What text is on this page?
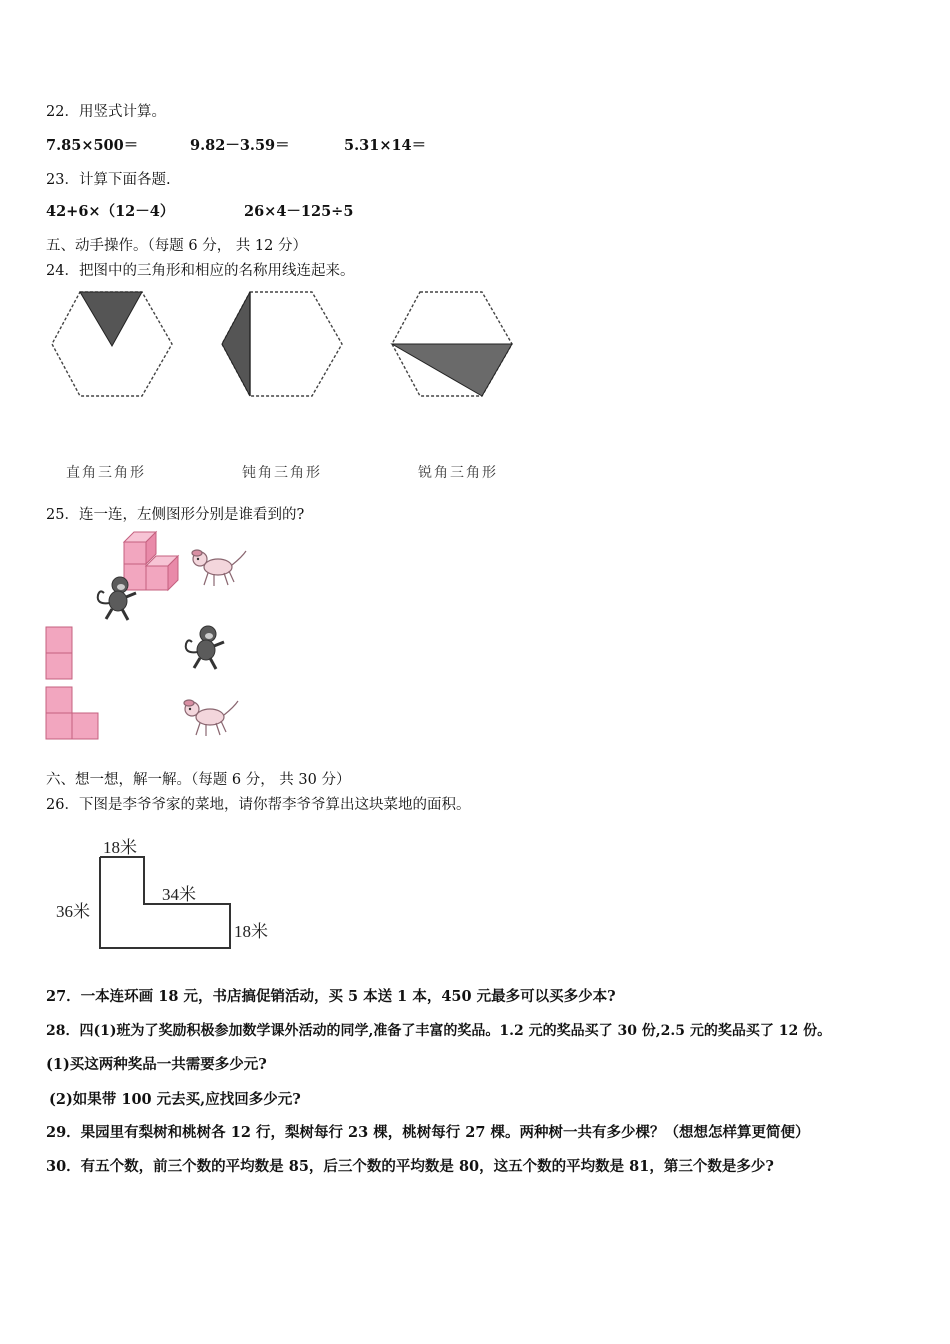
22．用竖式计算。
7.85×500＝	9.82－3.59＝	5.31×14＝
23．计算下面各题.
42+6×（12－4）	26×4－125÷5
五、动手操作。（每题 6 分， 共 12 分）
24．把图中的三角形和相应的名称用线连起来。
直角三角形	钝角三角形	锐角三角形
25．连一连，左侧图形分别是谁看到的?
六、想一想，解一解。（每题 6 分， 共 30 分）
26．下图是李爷爷家的菜地，请你帮李爷爷算出这块菜地的面积。
18米
36米
34米
18米
27．一本连环画 18 元，书店搞促销活动，买 5 本送 1 本，450 元最多可以买多少本?
28．四(1)班为了奖励积极参加数学课外活动的同学,准备了丰富的奖品。1.2 元的奖品买了 30 份,2.5 元的奖品买了 12 份。
(1)买这两种奖品一共需要多少元?
(2)如果带 100 元去买,应找回多少元?
29．果园里有梨树和桃树各 12 行，梨树每行 23 棵，桃树每行 27 棵。两种树一共有多少棵？（想想怎样算更简便）
30．有五个数，前三个数的平均数是 85，后三个数的平均数是 80，这五个数的平均数是 81，第三个数是多少?
